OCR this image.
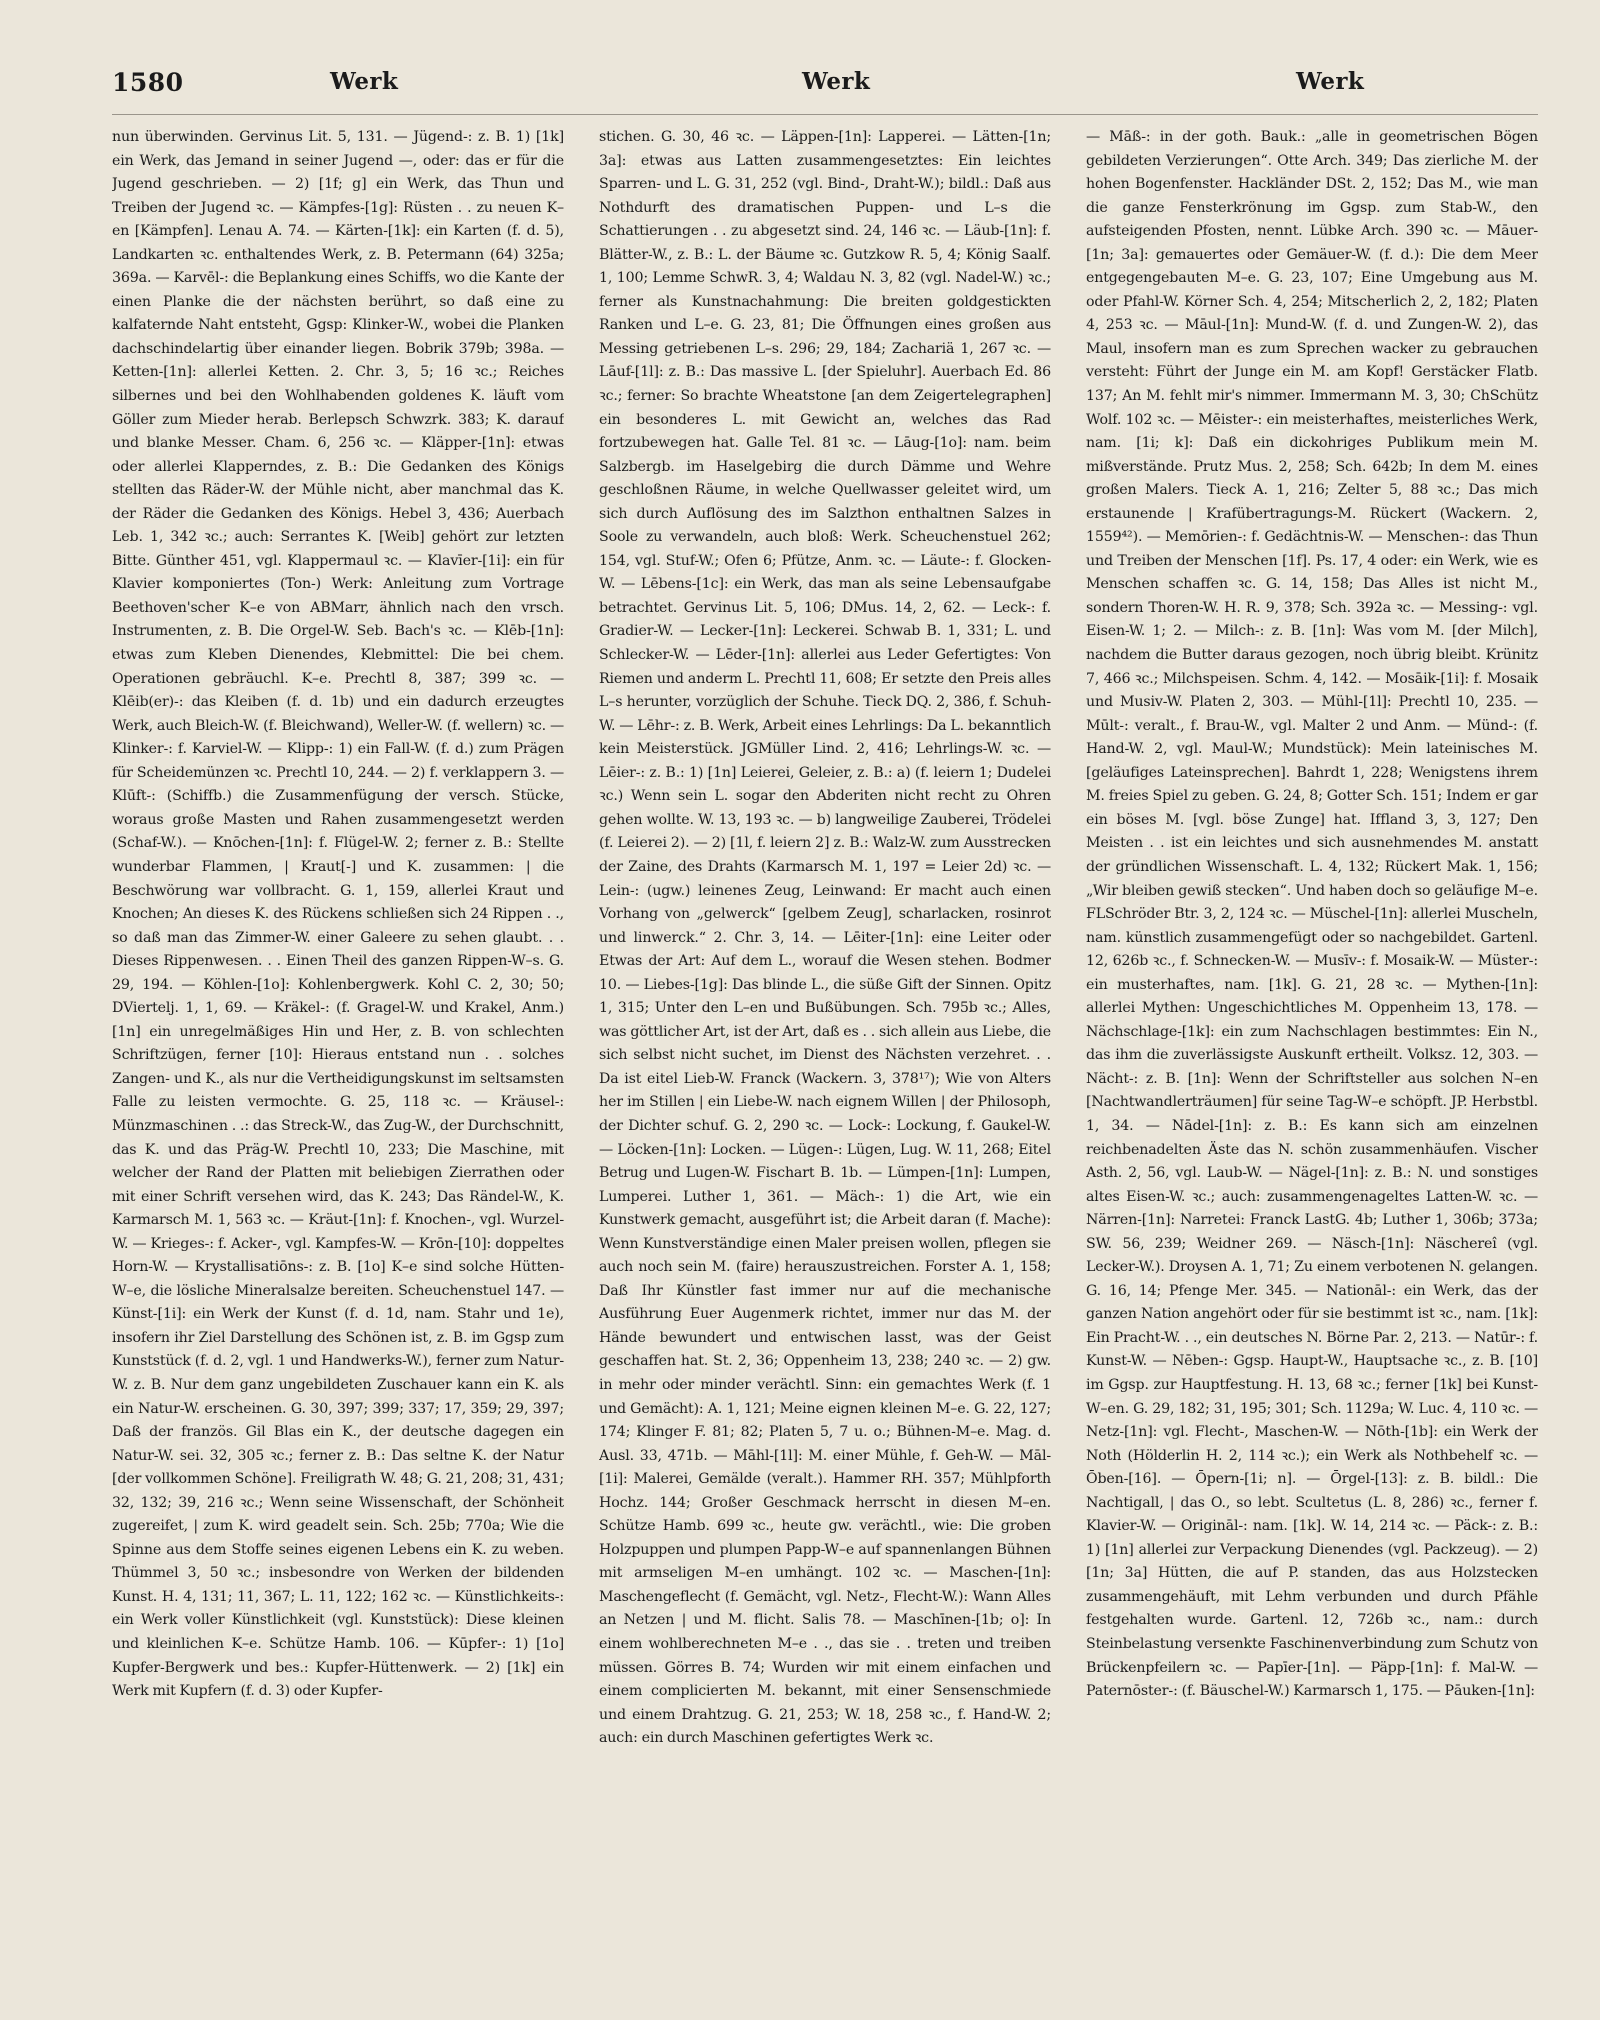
1580	Werk	Werk	Werk

nun überwinden. Gervinus Lit. 5, 131. — Jügend-: z. B. 1) [1k] ein Werk, das Jemand in seiner Jugend —, oder: das er für die Jugend geschrieben. — 2) [1f; g] ein Werk, das Thun und Treiben der Jugend ꝛc. — Kämpfes-[1g]: Rüsten . . zu neuen K–en [Kämpfen]. Lenau A. 74. — Kärten-[1k]: ein Karten (f. d. 5), Landkarten ꝛc. enthaltendes Werk, z. B. Petermann (64) 325a; 369a. — Karvēl-: die Beplankung eines Schiffs, wo die Kante der einen Planke die der nächsten berührt, so daß eine zu kalfaternde Naht entsteht, Ggsp: Klinker-W., wobei die Planken dachschindelartig über einander liegen. Bobrik 379b; 398a. — Ketten-[1n]: allerlei Ketten. 2. Chr. 3, 5; 16 ꝛc.; Reiches silbernes und bei den Wohlhabenden goldenes K. läuft vom Göller zum Mieder herab. Berlepsch Schwzrk. 383; K. darauf und blanke Messer. Cham. 6, 256 ꝛc. — Kläpper-[1n]: etwas oder allerlei Klapperndes, z. B.: Die Gedanken des Königs stellten das Räder-W. der Mühle nicht, aber manchmal das K. der Räder die Gedanken des Königs. Hebel 3, 436; Auerbach Leb. 1, 342 ꝛc.; auch: Serrantes K. [Weib] gehört zur letzten Bitte. Günther 451, vgl. Klappermaul ꝛc. — Klavīer-[1i]: ein für Klavier komponiertes (Ton-) Werk: Anleitung zum Vortrage Beethoven'scher K–e von ABMarr, ähnlich nach den vrsch. Instrumenten, z. B. Die Orgel-W. Seb. Bach's ꝛc. — Klēb-[1n]: etwas zum Kleben Dienendes, Klebmittel: Die bei chem. Operationen gebräuchl. K–e. Prechtl 8, 387; 399 ꝛc. — Klēib(er)-: das Kleiben (f. d. 1b) und ein dadurch erzeugtes Werk, auch Bleich-W. (f. Bleichwand), Weller-W. (f. wellern) ꝛc. — Klinker-: f. Karviel-W. — Klipp-: 1) ein Fall-W. (f. d.) zum Prägen für Scheidemünzen ꝛc. Prechtl 10, 244. — 2) f. verklappern 3. — Klūft-: (Schiffb.) die Zusammenfügung der versch. Stücke, woraus große Masten und Rahen zusammengesetzt werden (Schaf-W.). — Knōchen-[1n]: f. Flügel-W. 2; ferner z. B.: Stellte wunderbar Flammen, | Kraut[-] und K. zusammen: | die Beschwörung war vollbracht. G. 1, 159, allerlei Kraut und Knochen; An dieses K. des Rückens schließen sich 24 Rippen . ., so daß man das Zimmer-W. einer Galeere zu sehen glaubt. . . Dieses Rippenwesen. . . Einen Theil des ganzen Rippen-W–s. G. 29, 194. — Köhlen-[1o]: Kohlenbergwerk. Kohl C. 2, 30; 50; DViertelj. 1, 1, 69. — Kräkel-: (f. Gragel-W. und Krakel, Anm.) [1n] ein unregelmäßiges Hin und Her, z. B. von schlechten Schriftzügen, ferner [10]: Hieraus entstand nun . . solches Zangen- und K., als nur die Vertheidigungskunst im seltsamsten Falle zu leisten vermochte. G. 25, 118 ꝛc. — Kräusel-: Münzmaschinen . .: das Streck-W., das Zug-W., der Durchschnitt, das K. und das Präg-W. Prechtl 10, 233; Die Maschine, mit welcher der Rand der Platten mit beliebigen Zierrathen oder mit einer Schrift versehen wird, das K. 243; Das Rändel-W., K. Karmarsch M. 1, 563 ꝛc. — Kräut-[1n]: f. Knochen-, vgl. Wurzel-W. — Krieges-: f. Acker-, vgl. Kampfes-W. — Krōn-[10]: doppeltes Horn-W. — Krystallisatiōns-: z. B. [1o] K–e sind solche Hütten-W–e, die lösliche Mineralsalze bereiten. Scheuchenstuel 147. — Künst-[1i]: ein Werk der Kunst (f. d. 1d, nam. Stahr und 1e), insofern ihr Ziel Darstellung des Schönen ist, z. B. im Ggsp zum Kunststück (f. d. 2, vgl. 1 und Handwerks-W.), ferner zum Natur-W. z. B. Nur dem ganz ungebildeten Zuschauer kann ein K. als ein Natur-W. erscheinen. G. 30, 397; 399; 337; 17, 359; 29, 397; Daß der französ. Gil Blas ein K., der deutsche dagegen ein Natur-W. sei. 32, 305 ꝛc.; ferner z. B.: Das seltne K. der Natur [der vollkommen Schöne]. Freiligrath W. 48; G. 21, 208; 31, 431; 32, 132; 39, 216 ꝛc.; Wenn seine Wissenschaft, der Schönheit zugereifet, | zum K. wird geadelt sein. Sch. 25b; 770a; Wie die Spinne aus dem Stoffe seines eigenen Lebens ein K. zu weben. Thümmel 3, 50 ꝛc.; insbesondre von Werken der bildenden Kunst. H. 4, 131; 11, 367; L. 11, 122; 162 ꝛc. — Künstlichkeits-: ein Werk voller Künstlichkeit (vgl. Kunststück): Diese kleinen und kleinlichen K–e. Schütze Hamb. 106. — Kūpfer-: 1) [1o] Kupfer-Bergwerk und bes.: Kupfer-Hüttenwerk. — 2) [1k] ein Werk mit Kupfern (f. d. 3) oder Kupfer-

stichen. G. 30, 46 ꝛc. — Läppen-[1n]: Lapperei. — Lätten-[1n; 3a]: etwas aus Latten zusammengesetztes: Ein leichtes Sparren- und L. G. 31, 252 (vgl. Bind-, Draht-W.); bildl.: Daß aus Nothdurft des dramatischen Puppen- und L–s die Schattierungen . . zu abgesetzt sind. 24, 146 ꝛc. — Läub-[1n]: f. Blätter-W., z. B.: L. der Bäume ꝛc. Gutzkow R. 5, 4; König Saalf. 1, 100; Lemme SchwR. 3, 4; Waldau N. 3, 82 (vgl. Nadel-W.) ꝛc.; ferner als Kunstnachahmung: Die breiten goldgestickten Ranken und L–e. G. 23, 81; Die Öffnungen eines großen aus Messing getriebenen L–s. 296; 29, 184; Zachariä 1, 267 ꝛc. — Lāuf-[1l]: z. B.: Das massive L. [der Spieluhr]. Auerbach Ed. 86 ꝛc.; ferner: So brachte Wheatstone [an dem Zeigertelegraphen] ein besonderes L. mit Gewicht an, welches das Rad fortzubewegen hat. Galle Tel. 81 ꝛc. — Lāug-[1o]: nam. beim Salzbergb. im Haselgebirg die durch Dämme und Wehre geschloßnen Räume, in welche Quellwasser geleitet wird, um sich durch Auflösung des im Salzthon enthaltnen Salzes in Soole zu verwandeln, auch bloß: Werk. Scheuchenstuel 262; 154, vgl. Stuf-W.; Ofen 6; Pfütze, Anm. ꝛc. — Läute-: f. Glocken-W. — Lēbens-[1c]: ein Werk, das man als seine Lebensaufgabe betrachtet. Gervinus Lit. 5, 106; DMus. 14, 2, 62. — Leck-: f. Gradier-W. — Lecker-[1n]: Leckerei. Schwab B. 1, 331; L. und Schlecker-W. — Lēder-[1n]: allerlei aus Leder Gefertigtes: Von Riemen und anderm L. Prechtl 11, 608; Er setzte den Preis alles L–s herunter, vorzüglich der Schuhe. Tieck DQ. 2, 386, f. Schuh-W. — Lēhr-: z. B. Werk, Arbeit eines Lehrlings: Da L. bekanntlich kein Meisterstück. JGMüller Lind. 2, 416; Lehrlings-W. ꝛc. — Lēier-: z. B.: 1) [1n] Leierei, Geleier, z. B.: a) (f. leiern 1; Dudelei ꝛc.) Wenn sein L. sogar den Abderiten nicht recht zu Ohren gehen wollte. W. 13, 193 ꝛc. — b) langweilige Zauberei, Trödelei (f. Leierei 2). — 2) [1l, f. leiern 2] z. B.: Walz-W. zum Ausstrecken der Zaine, des Drahts (Karmarsch M. 1, 197 = Leier 2d) ꝛc. — Lein-: (ugw.) leinenes Zeug, Leinwand: Er macht auch einen Vorhang von „gelwerck“ [gelbem Zeug], scharlacken, rosinrot und linwerck.“ 2. Chr. 3, 14. — Lēiter-[1n]: eine Leiter oder Etwas der Art: Auf dem L., worauf die Wesen stehen. Bodmer 10. — Liebes-[1g]: Das blinde L., die süße Gift der Sinnen. Opitz 1, 315; Unter den L–en und Bußübungen. Sch. 795b ꝛc.; Alles, was göttlicher Art, ist der Art, daß es . . sich allein aus Liebe, die sich selbst nicht suchet, im Dienst des Nächsten verzehret. . . Da ist eitel Lieb-W. Franck (Wackern. 3, 378¹⁷); Wie von Alters her im Stillen | ein Liebe-W. nach eignem Willen | der Philosoph, der Dichter schuf. G. 2, 290 ꝛc. — Lock-: Lockung, f. Gaukel-W. — Löcken-[1n]: Locken. — Lügen-: Lügen, Lug. W. 11, 268; Eitel Betrug und Lugen-W. Fischart B. 1b. — Lümpen-[1n]: Lumpen, Lumperei. Luther 1, 361. — Mäch-: 1) die Art, wie ein Kunstwerk gemacht, ausgeführt ist; die Arbeit daran (f. Mache): Wenn Kunstverständige einen Maler preisen wollen, pflegen sie auch noch sein M. (faire) herauszustreichen. Forster A. 1, 158; Daß Ihr Künstler fast immer nur auf die mechanische Ausführung Euer Augenmerk richtet, immer nur das M. der Hände bewundert und entwischen lasst, was der Geist geschaffen hat. St. 2, 36; Oppenheim 13, 238; 240 ꝛc. — 2) gw. in mehr oder minder verächtl. Sinn: ein gemachtes Werk (f. 1 und Gemächt): A. 1, 121; Meine eignen kleinen M–e. G. 22, 127; 174; Klinger F. 81; 82; Platen 5, 7 u. o.; Bühnen-M–e. Mag. d. Ausl. 33, 471b. — Māhl-[1l]: M. einer Mühle, f. Geh-W. — Māl-[1i]: Malerei, Gemälde (veralt.). Hammer RH. 357; Mühlpforth Hochz. 144; Großer Geschmack herrscht in diesen M–en. Schütze Hamb. 699 ꝛc., heute gw. verächtl., wie: Die groben Holzpuppen und plumpen Papp-W–e auf spannenlangen Bühnen mit armseligen M–en umhängt. 102 ꝛc. — Maschen-[1n]: Maschengeflecht (f. Gemächt, vgl. Netz-, Flecht-W.): Wann Alles an Netzen | und M. flicht. Salis 78. — Maschīnen-[1b; o]: In einem wohlberechneten M–e . ., das sie . . treten und treiben müssen. Görres B. 74; Wurden wir mit einem einfachen und einem complicierten M. bekannt, mit einer Sensenschmiede und einem Drahtzug. G. 21, 253; W. 18, 258 ꝛc., f. Hand-W. 2; auch: ein durch Maschinen gefertigtes Werk ꝛc.

— Māß-: in der goth. Bauk.: „alle in geometrischen Bögen gebildeten Verzierungen“. Otte Arch. 349; Das zierliche M. der hohen Bogenfenster. Hackländer DSt. 2, 152; Das M., wie man die ganze Fensterkrönung im Ggsp. zum Stab-W., den aufsteigenden Pfosten, nennt. Lübke Arch. 390 ꝛc. — Māuer-[1n; 3a]: gemauertes oder Gemäuer-W. (f. d.): Die dem Meer entgegengebauten M–e. G. 23, 107; Eine Umgebung aus M. oder Pfahl-W. Körner Sch. 4, 254; Mitscherlich 2, 2, 182; Platen 4, 253 ꝛc. — Māul-[1n]: Mund-W. (f. d. und Zungen-W. 2), das Maul, insofern man es zum Sprechen wacker zu gebrauchen versteht: Führt der Junge ein M. am Kopf! Gerstäcker Flatb. 137; An M. fehlt mir's nimmer. Immermann M. 3, 30; ChSchütz Wolf. 102 ꝛc. — Mēister-: ein meisterhaftes, meisterliches Werk, nam. [1i; k]: Daß ein dickohriges Publikum mein M. mißverstände. Prutz Mus. 2, 258; Sch. 642b; In dem M. eines großen Malers. Tieck A. 1, 216; Zelter 5, 88 ꝛc.; Das mich erstaunende | Krafübertragungs-M. Rückert (Wackern. 2, 1559⁴²). — Memōrien-: f. Gedächtnis-W. — Menschen-: das Thun und Treiben der Menschen [1f]. Ps. 17, 4 oder: ein Werk, wie es Menschen schaffen ꝛc. G. 14, 158; Das Alles ist nicht M., sondern Thoren-W. H. R. 9, 378; Sch. 392a ꝛc. — Messing-: vgl. Eisen-W. 1; 2. — Milch-: z. B. [1n]: Was vom M. [der Milch], nachdem die Butter daraus gezogen, noch übrig bleibt. Krünitz 7, 466 ꝛc.; Milchspeisen. Schm. 4, 142. — Mosāik-[1i]: f. Mosaik und Musiv-W. Platen 2, 303. — Mühl-[1l]: Prechtl 10, 235. — Mūlt-: veralt., f. Brau-W., vgl. Malter 2 und Anm. — Münd-: (f. Hand-W. 2, vgl. Maul-W.; Mundstück): Mein lateinisches M. [geläufiges Lateinsprechen]. Bahrdt 1, 228; Wenigstens ihrem M. freies Spiel zu geben. G. 24, 8; Gotter Sch. 151; Indem er gar ein böses M. [vgl. böse Zunge] hat. Iffland 3, 3, 127; Den Meisten . . ist ein leichtes und sich ausnehmendes M. anstatt der gründlichen Wissenschaft. L. 4, 132; Rückert Mak. 1, 156; „Wir bleiben gewiß stecken“. Und haben doch so geläufige M–e. FLSchröder Btr. 3, 2, 124 ꝛc. — Müschel-[1n]: allerlei Muscheln, nam. künstlich zusammengefügt oder so nachgebildet. Gartenl. 12, 626b ꝛc., f. Schnecken-W. — Musīv-: f. Mosaik-W. — Müster-: ein musterhaftes, nam. [1k]. G. 21, 28 ꝛc. — Mythen-[1n]: allerlei Mythen: Ungeschichtliches M. Oppenheim 13, 178. — Nächschlage-[1k]: ein zum Nachschlagen bestimmtes: Ein N., das ihm die zuverlässigste Auskunft ertheilt. Volksz. 12, 303. — Nächt-: z. B. [1n]: Wenn der Schriftsteller aus solchen N–en [Nachtwandlerträumen] für seine Tag-W–e schöpft. JP. Herbstbl. 1, 34. — Nādel-[1n]: z. B.: Es kann sich am einzelnen reichbenadelten Äste das N. schön zusammenhäufen. Vischer Asth. 2, 56, vgl. Laub-W. — Nägel-[1n]: z. B.: N. und sonstiges altes Eisen-W. ꝛc.; auch: zusammengenageltes Latten-W. ꝛc. — Närren-[1n]: Narretei: Franck LastG. 4b; Luther 1, 306b; 373a; SW. 56, 239; Weidner 269. — Näsch-[1n]: Näschereî (vgl. Lecker-W.). Droysen A. 1, 71; Zu einem verbotenen N. gelangen. G. 16, 14; Pfenge Mer. 345. — Nationāl-: ein Werk, das der ganzen Nation angehört oder für sie bestimmt ist ꝛc., nam. [1k]: Ein Pracht-W. . ., ein deutsches N. Börne Par. 2, 213. — Natūr-: f. Kunst-W. — Nēben-: Ggsp. Haupt-W., Hauptsache ꝛc., z. B. [10] im Ggsp. zur Hauptfestung. H. 13, 68 ꝛc.; ferner [1k] bei Kunst-W–en. G. 29, 182; 31, 195; 301; Sch. 1129a; W. Luc. 4, 110 ꝛc. — Netz-[1n]: vgl. Flecht-, Maschen-W. — Nōth-[1b]: ein Werk der Noth (Hölderlin H. 2, 114 ꝛc.); ein Werk als Nothbehelf ꝛc. — Ōben-[16]. — Ōpern-[1i; n]. — Ōrgel-[13]: z. B. bildl.: Die Nachtigall, | das O., so lebt. Scultetus (L. 8, 286) ꝛc., ferner f. Klavier-W. — Origināl-: nam. [1k]. W. 14, 214 ꝛc. — Päck-: z. B.: 1) [1n] allerlei zur Verpackung Dienendes (vgl. Packzeug). — 2) [1n; 3a] Hütten, die auf P. standen, das aus Holzstecken zusammengehäuft, mit Lehm verbunden und durch Pfähle festgehalten wurde. Gartenl. 12, 726b ꝛc., nam.: durch Steinbelastung versenkte Faschinenverbindung zum Schutz von Brückenpfeilern ꝛc. — Papīer-[1n]. — Päpp-[1n]: f. Mal-W. — Paternōster-: (f. Bäuschel-W.) Karmarsch 1, 175. — Pāuken-[1n]:
